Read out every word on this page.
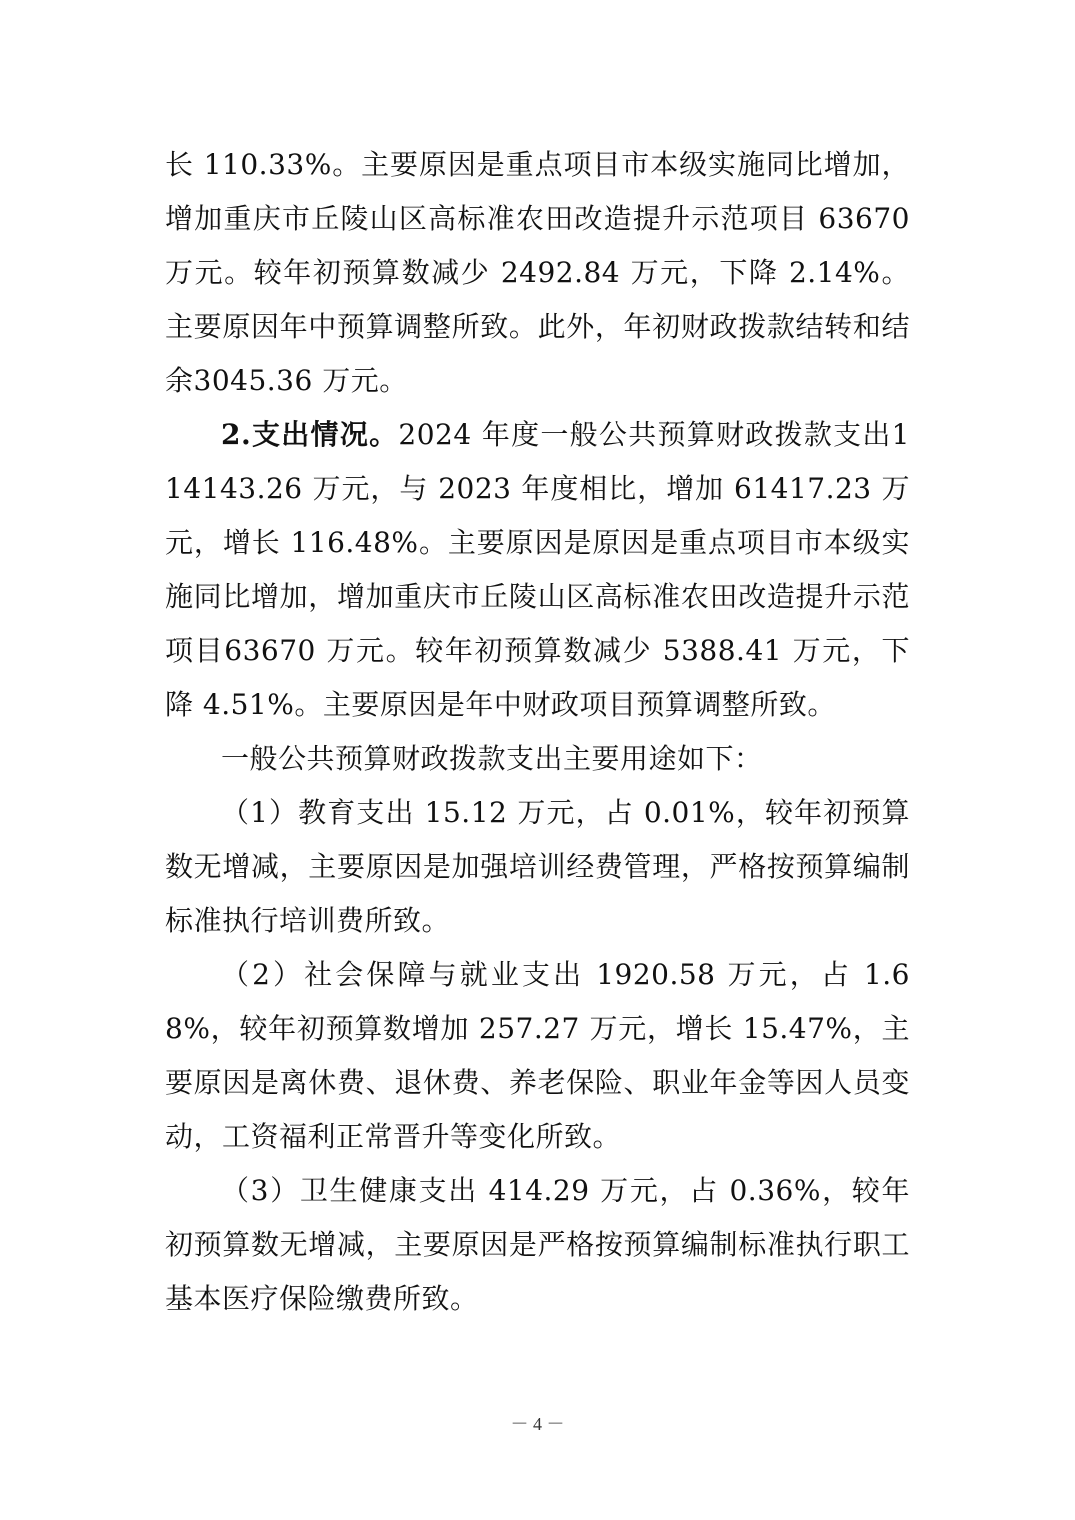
长 110.33%。主要原因是重点项目市本级实施同比增加，增加重庆市丘陵山区高标准农田改造提升示范项目 63670 万元。较年初预算数减少 2492.84 万元，下降 2.14%。主要原因年中预算调整所致。此外，年初财政拨款结转和结余3045.36 万元。

2.支出情况。2024 年度一般公共预算财政拨款支出114143.26 万元，与 2023 年度相比，增加 61417.23 万元，增长 116.48%。主要原因是原因是重点项目市本级实施同比增加，增加重庆市丘陵山区高标准农田改造提升示范项目63670 万元。较年初预算数减少 5388.41 万元，下降 4.51%。主要原因是年中财政项目预算调整所致。

一般公共预算财政拨款支出主要用途如下：

（1）教育支出 15.12 万元，占 0.01%，较年初预算数无增减，主要原因是加强培训经费管理，严格按预算编制标准执行培训费所致。

（2）社会保障与就业支出 1920.58 万元，占 1.68%，较年初预算数增加 257.27 万元，增长 15.47%，主要原因是离休费、退休费、养老保险、职业年金等因人员变动，工资福利正常晋升等变化所致。

（3）卫生健康支出 414.29 万元，占 0.36%，较年初预算数无增减，主要原因是严格按预算编制标准执行职工基本医疗保险缴费所致。

－ 4 －
